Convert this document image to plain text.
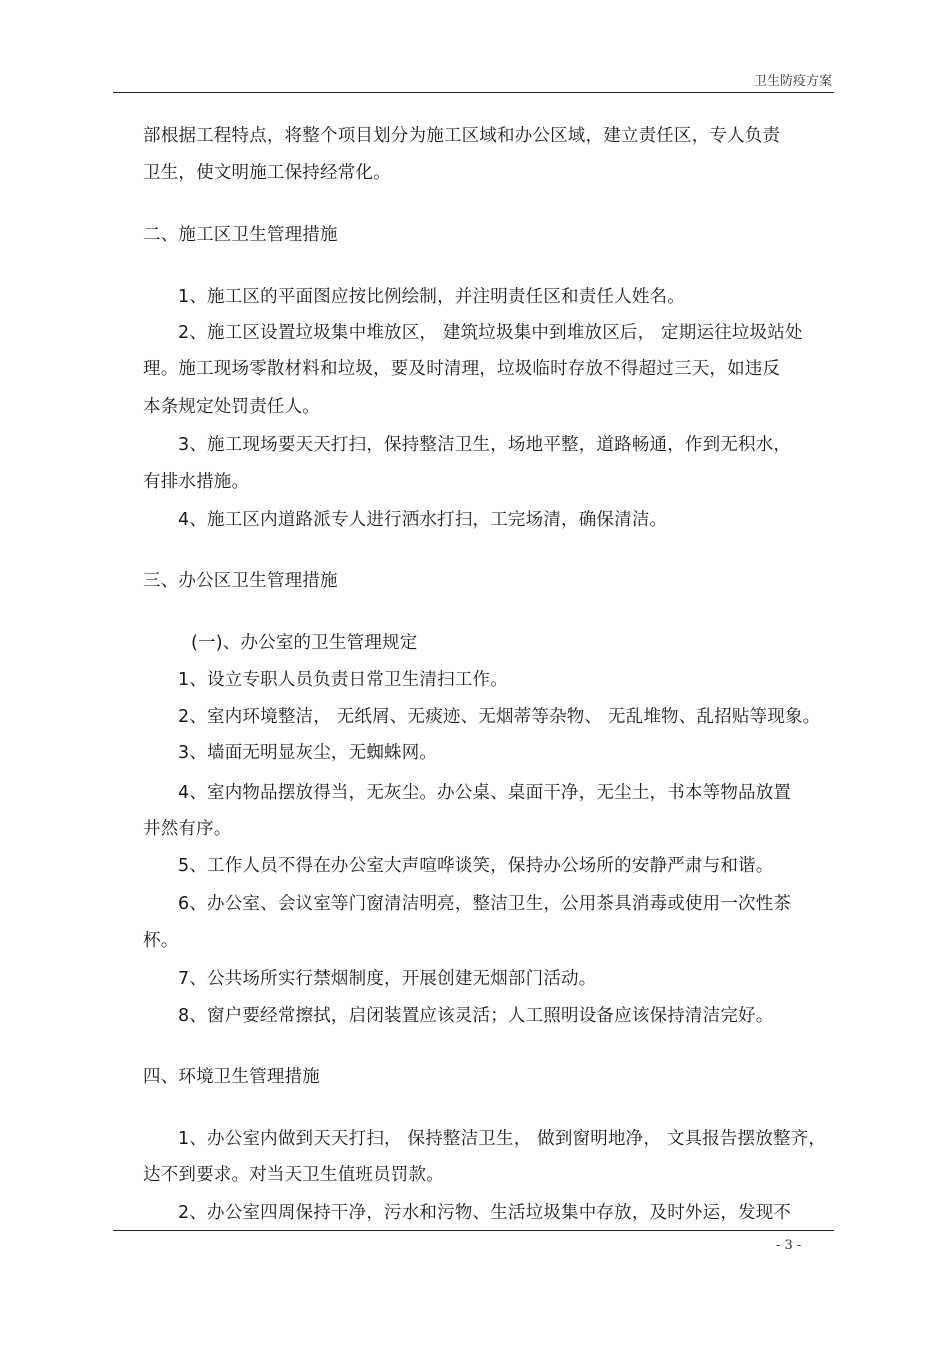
卫生防疫方案
部根据工程特点，将整个项目划分为施工区域和办公区域，建立责任区，专人负责
卫生，使文明施工保持经常化。
二、施工区卫生管理措施
1、施工区的平面图应按比例绘制，并注明责任区和责任人姓名。
2、施工区设置垃圾集中堆放区， 建筑垃圾集中到堆放区后， 定期运往垃圾站处
理。施工现场零散材料和垃圾，要及时清理，垃圾临时存放不得超过三天，如违反
本条规定处罚责任人。
3、施工现场要天天打扫，保持整洁卫生，场地平整，道路畅通，作到无积水，
有排水措施。
4、施工区内道路派专人进行洒水打扫，工完场清，确保清洁。
三、办公区卫生管理措施
(一)、办公室的卫生管理规定
1、设立专职人员负责日常卫生清扫工作。
2、室内环境整洁， 无纸屑、无痰迹、无烟蒂等杂物、 无乱堆物、乱招贴等现象。
3、墙面无明显灰尘，无蜘蛛网。
4、室内物品摆放得当，无灰尘。办公桌、桌面干净，无尘土，书本等物品放置
井然有序。
5、工作人员不得在办公室大声喧哗谈笑，保持办公场所的安静严肃与和谐。
6、办公室、会议室等门窗清洁明亮，整洁卫生，公用茶具消毒或使用一次性茶
杯。
7、公共场所实行禁烟制度，开展创建无烟部门活动。
8、窗户要经常擦拭，启闭装置应该灵活；人工照明设备应该保持清洁完好。
四、环境卫生管理措施
1、办公室内做到天天打扫， 保持整洁卫生， 做到窗明地净， 文具报告摆放整齐，
达不到要求。对当天卫生值班员罚款。
2、办公室四周保持干净，污水和污物、生活垃圾集中存放，及时外运，发现不
- 3 -
